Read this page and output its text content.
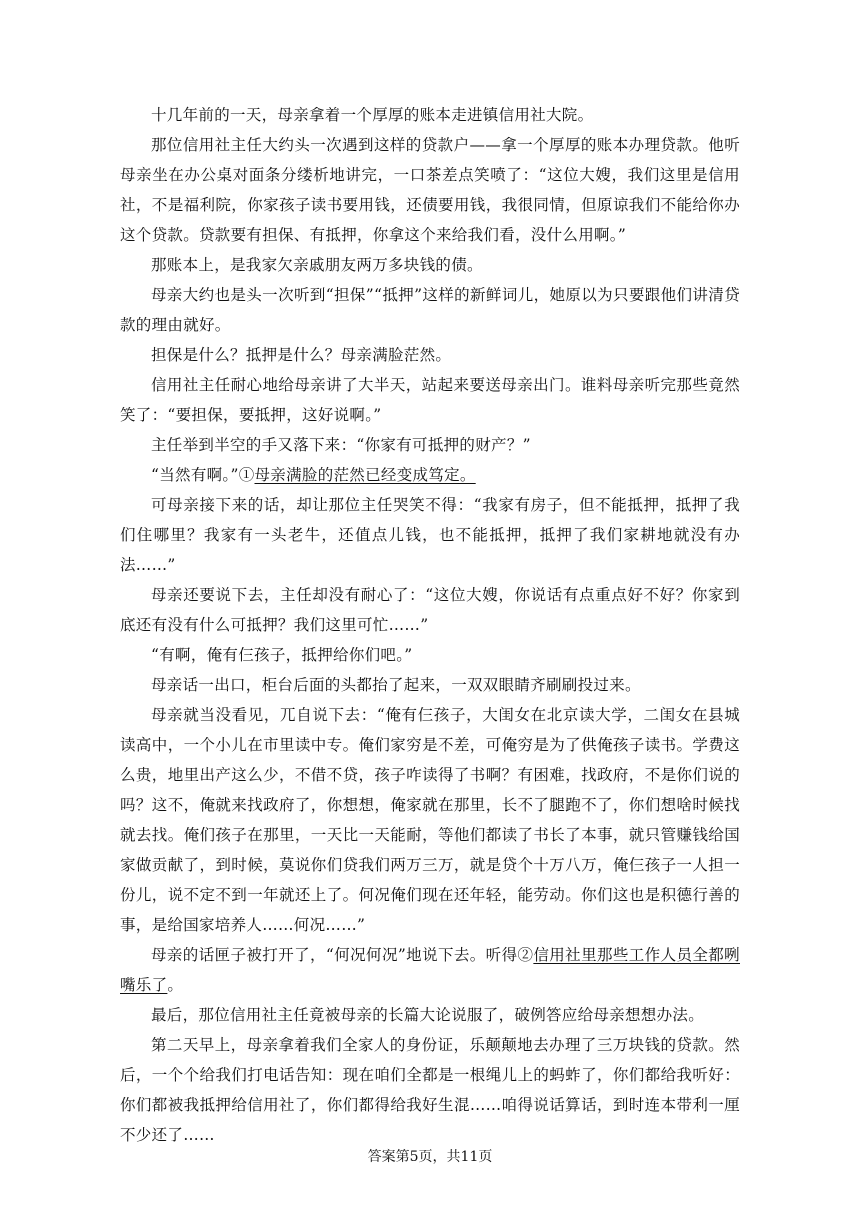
十几年前的一天，母亲拿着一个厚厚的账本走进镇信用社大院。

那位信用社主任大约头一次遇到这样的贷款户——拿一个厚厚的账本办理贷款。他听母亲坐在办公桌对面条分缕析地讲完，一口茶差点笑喷了：“这位大嫂，我们这里是信用社，不是福利院，你家孩子读书要用钱，还债要用钱，我很同情，但原谅我们不能给你办这个贷款。贷款要有担保、有抵押，你拿这个来给我们看，没什么用啊。”

那账本上，是我家欠亲戚朋友两万多块钱的债。

母亲大约也是头一次听到“担保”“抵押”这样的新鲜词儿，她原以为只要跟他们讲清贷款的理由就好。

担保是什么？抵押是什么？母亲满脸茫然。

信用社主任耐心地给母亲讲了大半天，站起来要送母亲出门。谁料母亲听完那些竟然笑了：“要担保，要抵押，这好说啊。”

主任举到半空的手又落下来：“你家有可抵押的财产？”

“当然有啊。”①母亲满脸的茫然已经变成笃定。

可母亲接下来的话，却让那位主任哭笑不得：“我家有房子，但不能抵押，抵押了我们住哪里？我家有一头老牛，还值点儿钱，也不能抵押，抵押了我们家耕地就没有办法……”

母亲还要说下去，主任却没有耐心了：“这位大嫂，你说话有点重点好不好？你家到底还有没有什么可抵押？我们这里可忙……”

“有啊，俺有仨孩子，抵押给你们吧。”

母亲话一出口，柜台后面的头都抬了起来，一双双眼睛齐刷刷投过来。

母亲就当没看见，兀自说下去：“俺有仨孩子，大闺女在北京读大学，二闺女在县城读高中，一个小儿在市里读中专。俺们家穷是不差，可俺穷是为了供俺孩子读书。学费这么贵，地里出产这么少，不借不贷，孩子咋读得了书啊？有困难，找政府，不是你们说的吗？这不，俺就来找政府了，你想想，俺家就在那里，长不了腿跑不了，你们想啥时候找就去找。俺们孩子在那里，一天比一天能耐，等他们都读了书长了本事，就只管赚钱给国家做贡献了，到时候，莫说你们贷我们两万三万，就是贷个十万八万，俺仨孩子一人担一份儿，说不定不到一年就还上了。何况俺们现在还年轻，能劳动。你们这也是积德行善的事，是给国家培养人……何况……”

母亲的话匣子被打开了，“何况何况”地说下去。听得②信用社里那些工作人员全都咧嘴乐了。

最后，那位信用社主任竟被母亲的长篇大论说服了，破例答应给母亲想想办法。

第二天早上，母亲拿着我们全家人的身份证，乐颠颠地去办理了三万块钱的贷款。然后，一个个给我们打电话告知：现在咱们全都是一根绳儿上的蚂蚱了，你们都给我听好：你们都被我抵押给信用社了，你们都得给我好生混……咱得说话算话，到时连本带利一厘不少还了……

答案第5页，共11页
